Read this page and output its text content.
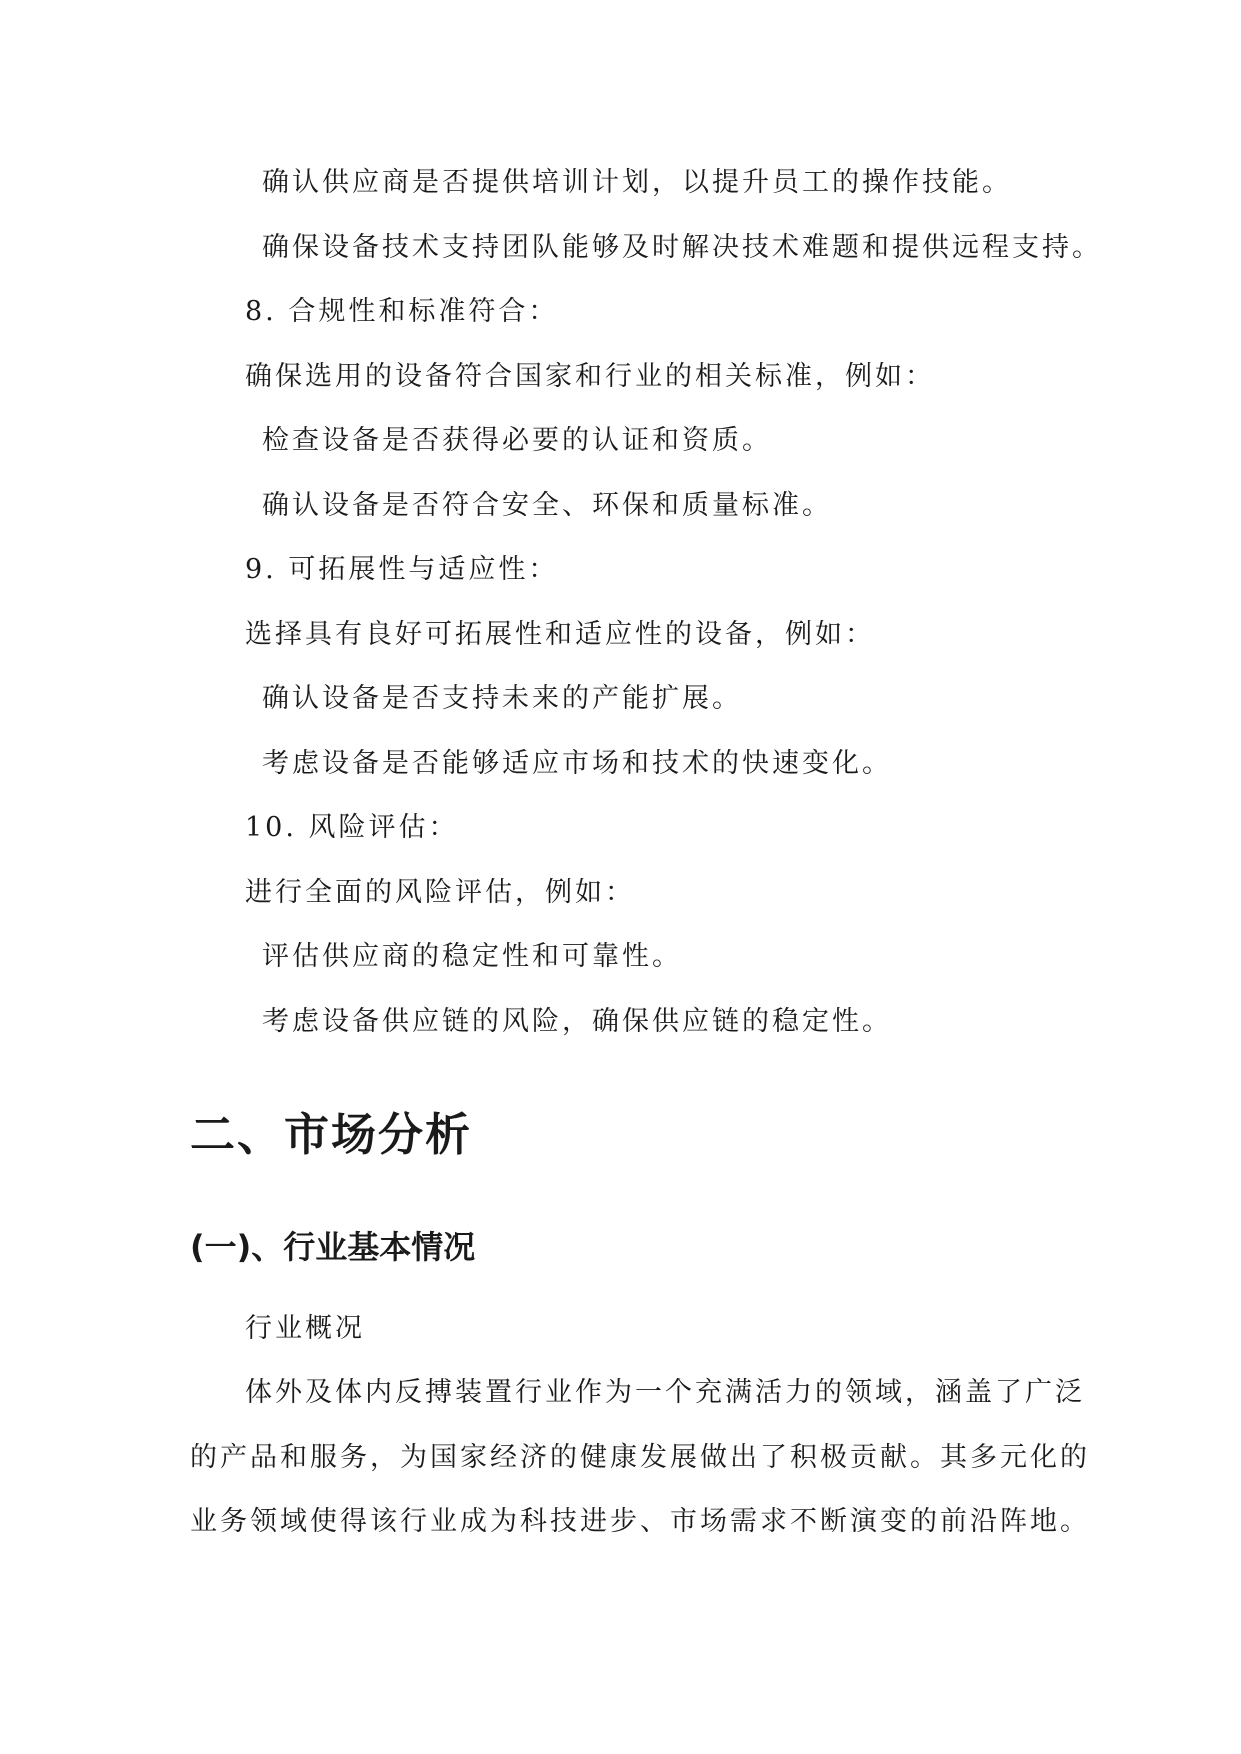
确认供应商是否提供培训计划，以提升员工的操作技能。
确保设备技术支持团队能够及时解决技术难题和提供远程支持。
8. 合规性和标准符合：
确保选用的设备符合国家和行业的相关标准，例如：
检查设备是否获得必要的认证和资质。
确认设备是否符合安全、环保和质量标准。
9. 可拓展性与适应性：
选择具有良好可拓展性和适应性的设备，例如：
确认设备是否支持未来的产能扩展。
考虑设备是否能够适应市场和技术的快速变化。
10. 风险评估：
进行全面的风险评估，例如：
评估供应商的稳定性和可靠性。
考虑设备供应链的风险，确保供应链的稳定性。
二、市场分析
(一)、行业基本情况
行业概况
体外及体内反搏装置行业作为一个充满活力的领域，涵盖了广泛
的产品和服务，为国家经济的健康发展做出了积极贡献。其多元化的
业务领域使得该行业成为科技进步、市场需求不断演变的前沿阵地。
